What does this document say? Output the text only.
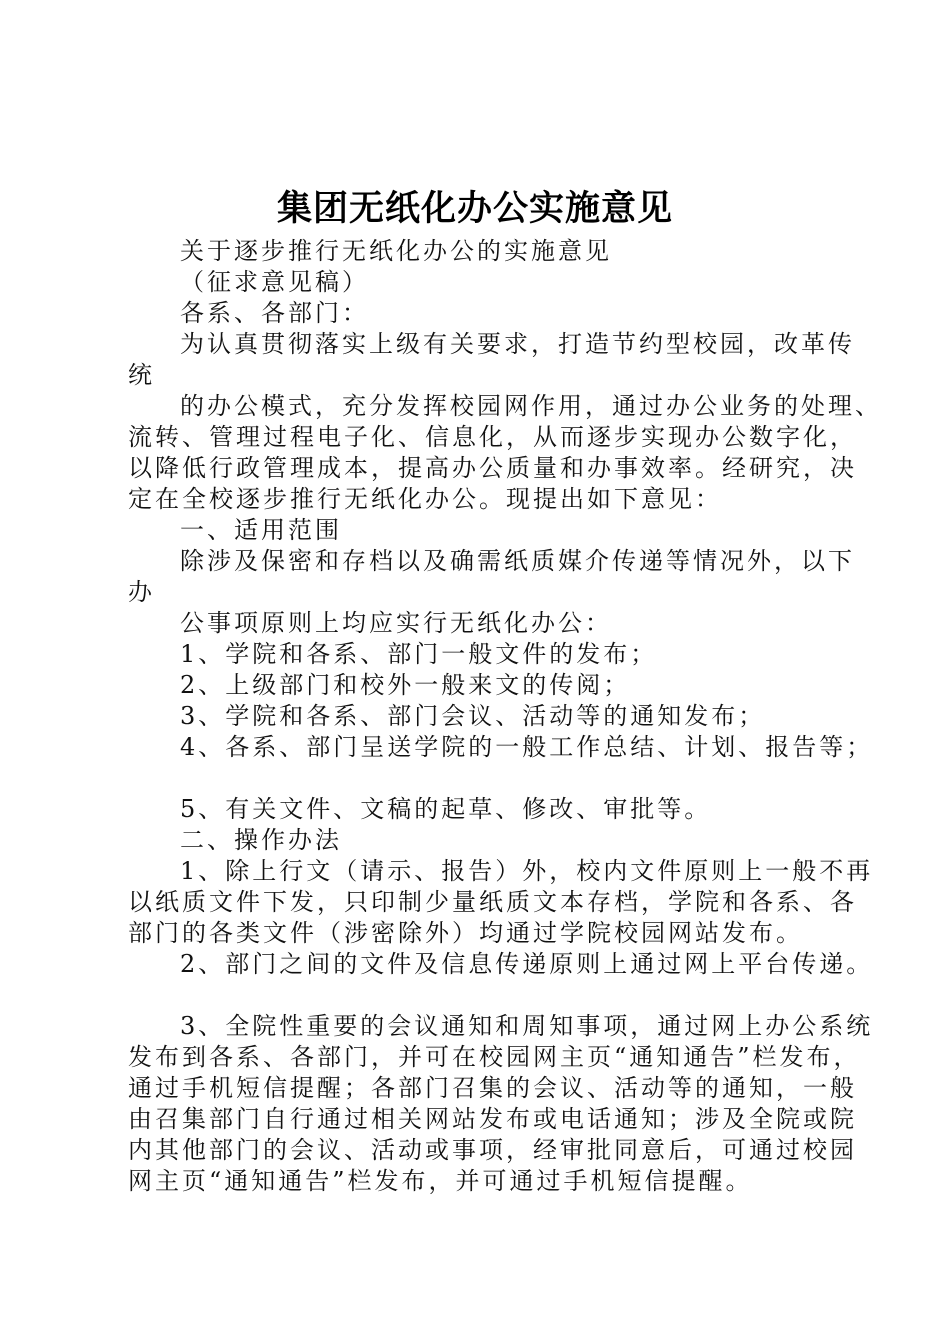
集团无纸化办公实施意见
关于逐步推行无纸化办公的实施意见
（征求意见稿）
各系、各部门：
为认真贯彻落实上级有关要求，打造节约型校园，改革传
统
的办公模式，充分发挥校园网作用，通过办公业务的处理、
流转、管理过程电子化、信息化，从而逐步实现办公数字化，
以降低行政管理成本，提高办公质量和办事效率。经研究，决
定在全校逐步推行无纸化办公。现提出如下意见：
一、适用范围
除涉及保密和存档以及确需纸质媒介传递等情况外，以下
办
公事项原则上均应实行无纸化办公：
1、学院和各系、部门一般文件的发布；
2、上级部门和校外一般来文的传阅；
3、学院和各系、部门会议、活动等的通知发布；
4、各系、部门呈送学院的一般工作总结、计划、报告等；
5、有关文件、文稿的起草、修改、审批等。
二、操作办法
1、除上行文（请示、报告）外，校内文件原则上一般不再
以纸质文件下发，只印制少量纸质文本存档，学院和各系、各
部门的各类文件（涉密除外）均通过学院校园网站发布。
2、部门之间的文件及信息传递原则上通过网上平台传递。
3、全院性重要的会议通知和周知事项，通过网上办公系统
发布到各系、各部门，并可在校园网主页“通知通告”栏发布，
通过手机短信提醒；各部门召集的会议、活动等的通知，一般
由召集部门自行通过相关网站发布或电话通知；涉及全院或院
内其他部门的会议、活动或事项，经审批同意后，可通过校园
网主页“通知通告”栏发布，并可通过手机短信提醒。
